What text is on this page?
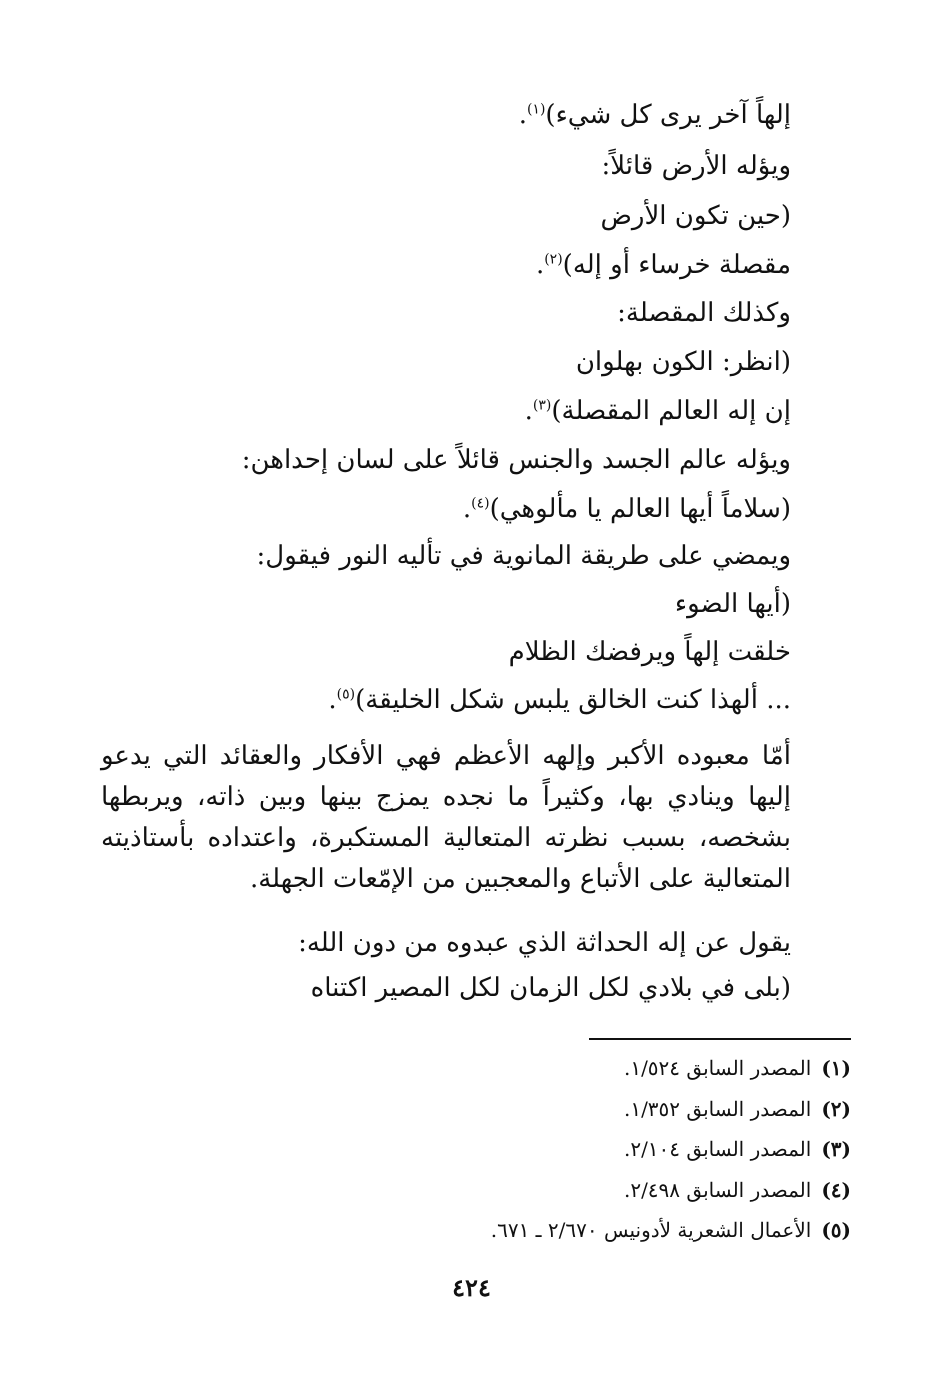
إلهاً آخر يرى كل شيء)$^{(١)}$.

ويؤله الأرض قائلاً:

(حين تكون الأرض

مقصلة خرساء أو إله)$^{(٢)}$.

وكذلك المقصلة:

(انظر: الكون بهلوان

إن إله العالم المقصلة)$^{(٣)}$.

ويؤله عالم الجسد والجنس قائلاً على لسان إحداهن:

(سلاماً أيها العالم يا مألوهي)$^{(٤)}$.

ويمضي على طريقة المانوية في تأليه النور فيقول:

(أيها الضوء

خلقت إلهاً ويرفضك الظلام

... ألهذا كنت الخالق يلبس شكل الخليقة)$^{(٥)}$.

أمّا معبوده الأكبر وإلهه الأعظم فهي الأفكار والعقائد التي يدعو إليها وينادي بها، وكثيراً ما نجده يمزج بينها وبين ذاته، ويربطها بشخصه، بسبب نظرته المتعالية المستكبرة، واعتداده بأستاذيته المتعالية على الأتباع والمعجبين من الإمّعات الجهلة.

يقول عن إله الحداثة الذي عبدوه من دون الله:

(بلى في بلادي لكل الزمان لكل المصير اكتناه

(١)المصدر السابق ١/٥٢٤.

(٢)المصدر السابق ١/٣٥٢.

(٣)المصدر السابق ٢/١٠٤.

(٤)المصدر السابق ٢/٤٩٨.

(٥)الأعمال الشعرية لأدونيس ٢/٦٧٠ ـ ٦٧١.

٤٢٤
